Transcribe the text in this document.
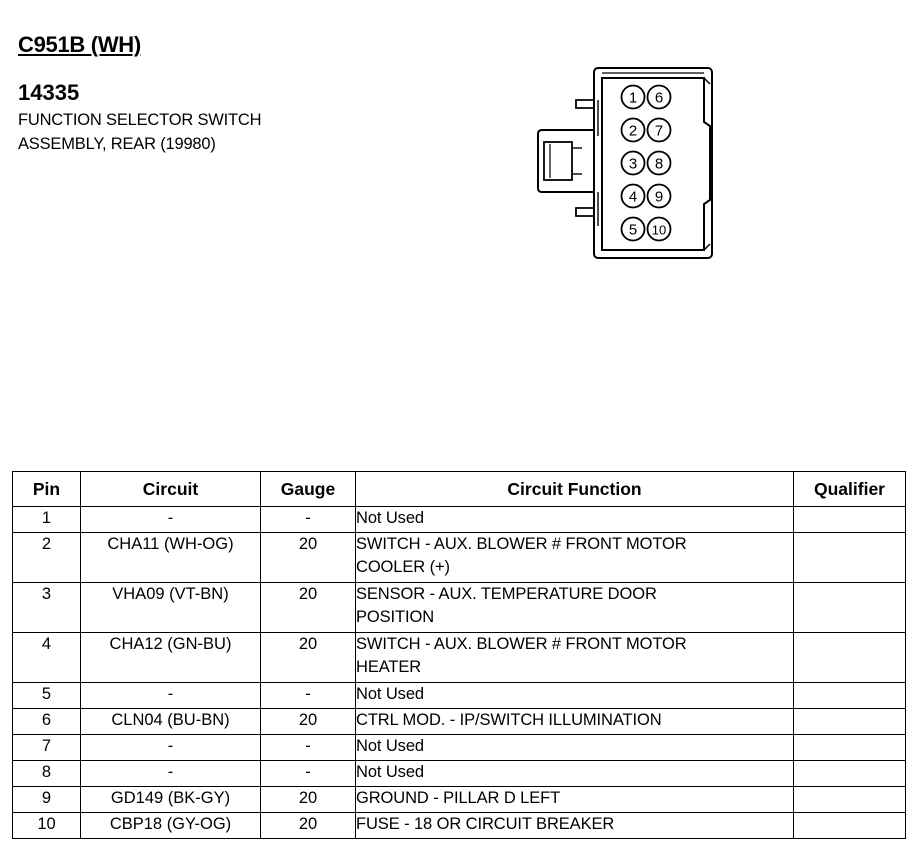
C951B (WH)
14335
FUNCTION SELECTOR SWITCH
ASSEMBLY, REAR (19980)
1
2
3
4
5
6
7
8
9
10
Pin	Circuit	Gauge	Circuit Function	Qualifier
1	-	-	Not Used	

2	CHA11 (WH-OG)	20	SWITCH - AUX. BLOWER # FRONT MOTOR
COOLER (+)	

3	VHA09 (VT-BN)	20	SENSOR - AUX. TEMPERATURE DOOR
POSITION	

4	CHA12 (GN-BU)	20	SWITCH - AUX. BLOWER # FRONT MOTOR
HEATER	

5	-	-	Not Used	

6	CLN04 (BU-BN)	20	CTRL MOD. - IP/SWITCH ILLUMINATION	

7	-	-	Not Used	

8	-	-	Not Used	

9	GD149 (BK-GY)	20	GROUND - PILLAR D LEFT	

10	CBP18 (GY-OG)	20	FUSE - 18 OR CIRCUIT BREAKER	
